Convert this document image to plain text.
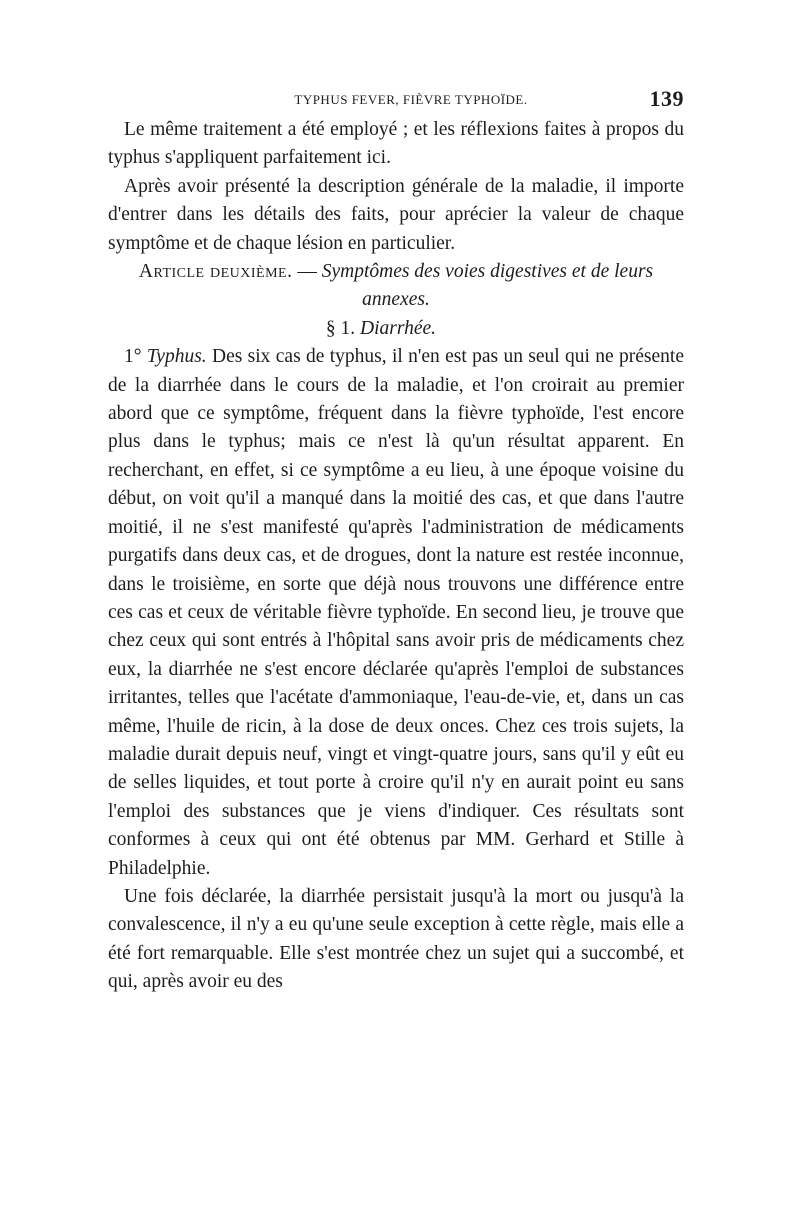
TYPHUS FEVER, FIÈVRE TYPHOÏDE.	139

Le même traitement a été employé ; et les réflexions faites à propos du typhus s'appliquent parfaitement ici.

Après avoir présenté la description générale de la maladie, il importe d'entrer dans les détails des faits, pour aprécier la valeur de chaque symptôme et de chaque lésion en particulier.

Article deuxième. — Symptômes des voies digestives et de leurs annexes.
§ 1. Diarrhée.

1° Typhus. Des six cas de typhus, il n'en est pas un seul qui ne présente de la diarrhée dans le cours de la maladie, et l'on croirait au premier abord que ce symptôme, fréquent dans la fièvre typhoïde, l'est encore plus dans le typhus; mais ce n'est là qu'un résultat apparent. En recherchant, en effet, si ce symptôme a eu lieu, à une époque voisine du début, on voit qu'il a manqué dans la moitié des cas, et que dans l'autre moitié, il ne s'est manifesté qu'après l'administration de médicaments purgatifs dans deux cas, et de drogues, dont la nature est restée inconnue, dans le troisième, en sorte que déjà nous trouvons une différence entre ces cas et ceux de véritable fièvre typhoïde. En second lieu, je trouve que chez ceux qui sont entrés à l'hôpital sans avoir pris de médicaments chez eux, la diarrhée ne s'est encore déclarée qu'après l'emploi de substances irritantes, telles que l'acétate d'ammoniaque, l'eau-de-vie, et, dans un cas même, l'huile de ricin, à la dose de deux onces. Chez ces trois sujets, la maladie durait depuis neuf, vingt et vingt-quatre jours, sans qu'il y eût eu de selles liquides, et tout porte à croire qu'il n'y en aurait point eu sans l'emploi des substances que je viens d'indiquer. Ces résultats sont conformes à ceux qui ont été obtenus par MM. Gerhard et Stille à Philadelphie.

Une fois déclarée, la diarrhée persistait jusqu'à la mort ou jusqu'à la convalescence, il n'y a eu qu'une seule exception à cette règle, mais elle a été fort remarquable. Elle s'est montrée chez un sujet qui a succombé, et qui, après avoir eu des
